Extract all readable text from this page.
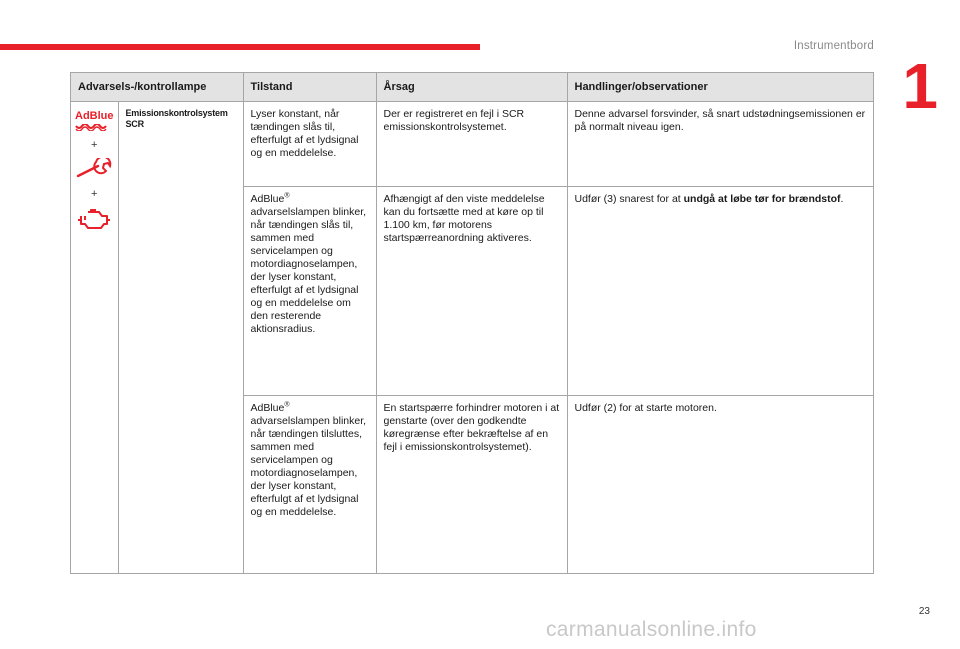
Instrumentbord
1
Advarsels-/kontrollampe		Tilstand	Årsag	Handlinger/observationer

AdBlue
+
+	Emissionskontrolsystem SCR	Lyser konstant, når tændingen slås til, efterfulgt af et lydsignal og en meddelelse.	Der er registreret en fejl i SCR emissionskontrolsystemet.	Denne advarsel forsvinder, så snart udstødningsemissionen er på normalt niveau igen.
		AdBlue®
advarselslampen blinker, når tændingen slås til, sammen med servicelampen og motordiagnoselampen, der lyser konstant, efterfulgt af et lydsignal og en meddelelse om den resterende aktionsradius.	Afhængigt af den viste meddelelse kan du fortsætte med at køre op til 1.100 km, før motorens startspærreanordning aktiveres.	Udfør (3) snarest for at undgå at løbe tør for brændstof.
		AdBlue®
advarselslampen blinker, når tændingen tilsluttes, sammen med servicelampen og motordiagnoselampen, der lyser konstant, efterfulgt af et lydsignal og en meddelelse.	En startspærre forhindrer motoren i at genstarte (over den godkendte køregrænse efter bekræftelse af en fejl i emissionskontrolsystemet).	Udfør (2) for at starte motoren.
23
carmanualsonline.info
